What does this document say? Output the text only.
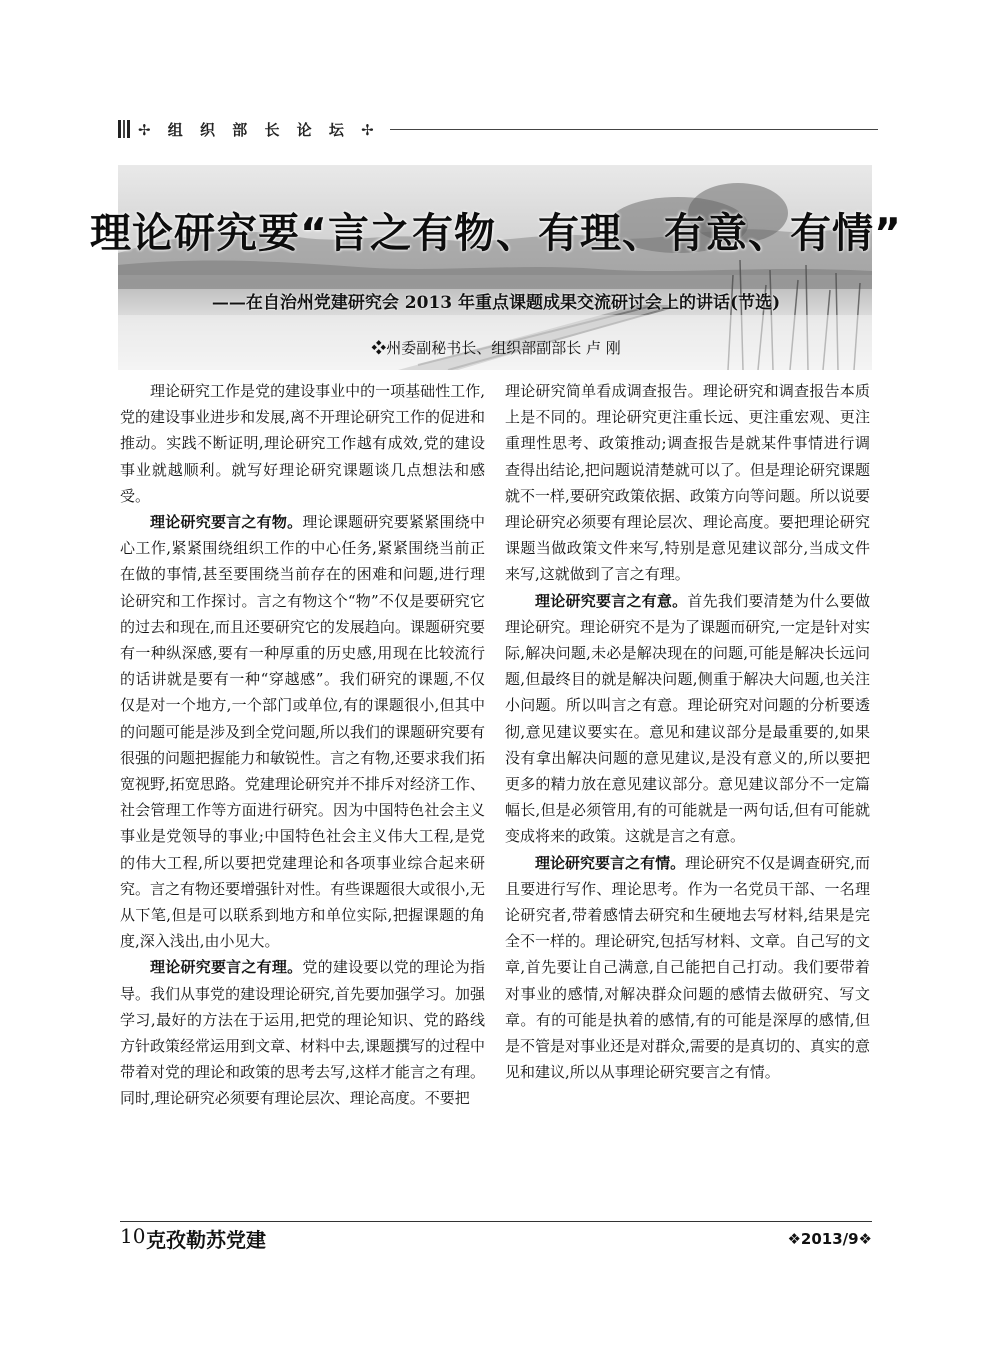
✢ 组 织 部 长 论 坛 ✢
理论研究要“言之有物、有理、有意、有情”
——在自治州党建研究会 2013 年重点课题成果交流研讨会上的讲话(节选)
❖州委副秘书长、组织部副部长 卢 刚

理论研究工作是党的建设事业中的一项基础性工作,党的建设事业进步和发展,离不开理论研究工作的促进和推动。实践不断证明,理论研究工作越有成效,党的建设事业就越顺利。就写好理论研究课题谈几点想法和感受。

理论研究要言之有物。理论课题研究要紧紧围绕中心工作,紧紧围绕组织工作的中心任务,紧紧围绕当前正在做的事情,甚至要围绕当前存在的困难和问题,进行理论研究和工作探讨。言之有物这个“物”不仅是要研究它的过去和现在,而且还要研究它的发展趋向。课题研究要有一种纵深感,要有一种厚重的历史感,用现在比较流行的话讲就是要有一种“穿越感”。我们研究的课题,不仅仅是对一个地方,一个部门或单位,有的课题很小,但其中的问题可能是涉及到全党问题,所以我们的课题研究要有很强的问题把握能力和敏锐性。言之有物,还要求我们拓宽视野,拓宽思路。党建理论研究并不排斥对经济工作、社会管理工作等方面进行研究。因为中国特色社会主义事业是党领导的事业;中国特色社会主义伟大工程,是党的伟大工程,所以要把党建理论和各项事业综合起来研究。言之有物还要增强针对性。有些课题很大或很小,无从下笔,但是可以联系到地方和单位实际,把握课题的角度,深入浅出,由小见大。

理论研究要言之有理。党的建设要以党的理论为指导。我们从事党的建设理论研究,首先要加强学习。加强学习,最好的方法在于运用,把党的理论知识、党的路线方针政策经常运用到文章、材料中去,课题撰写的过程中带着对党的理论和政策的思考去写,这样才能言之有理。同时,理论研究必须要有理论层次、理论高度。不要把

理论研究简单看成调查报告。理论研究和调查报告本质上是不同的。理论研究更注重长远、更注重宏观、更注重理性思考、政策推动;调查报告是就某件事情进行调查得出结论,把问题说清楚就可以了。但是理论研究课题就不一样,要研究政策依据、政策方向等问题。所以说要理论研究必须要有理论层次、理论高度。要把理论研究课题当做政策文件来写,特别是意见建议部分,当成文件来写,这就做到了言之有理。

理论研究要言之有意。首先我们要清楚为什么要做理论研究。理论研究不是为了课题而研究,一定是针对实际,解决问题,未必是解决现在的问题,可能是解决长远问题,但最终目的就是解决问题,侧重于解决大问题,也关注小问题。所以叫言之有意。理论研究对问题的分析要透彻,意见建议要实在。意见和建议部分是最重要的,如果没有拿出解决问题的意见建议,是没有意义的,所以要把更多的精力放在意见建议部分。意见建议部分不一定篇幅长,但是必须管用,有的可能就是一两句话,但有可能就变成将来的政策。这就是言之有意。

理论研究要言之有情。理论研究不仅是调查研究,而且要进行写作、理论思考。作为一名党员干部、一名理论研究者,带着感情去研究和生硬地去写材料,结果是完全不一样的。理论研究,包括写材料、文章。自己写的文章,首先要让自己满意,自己能把自己打动。我们要带着对事业的感情,对解决群众问题的感情去做研究、写文章。有的可能是执着的感情,有的可能是深厚的感情,但是不管是对事业还是对群众,需要的是真切的、真实的意见和建议,所以从事理论研究要言之有情。

10 克孜勒苏党建	❖2013/9❖
